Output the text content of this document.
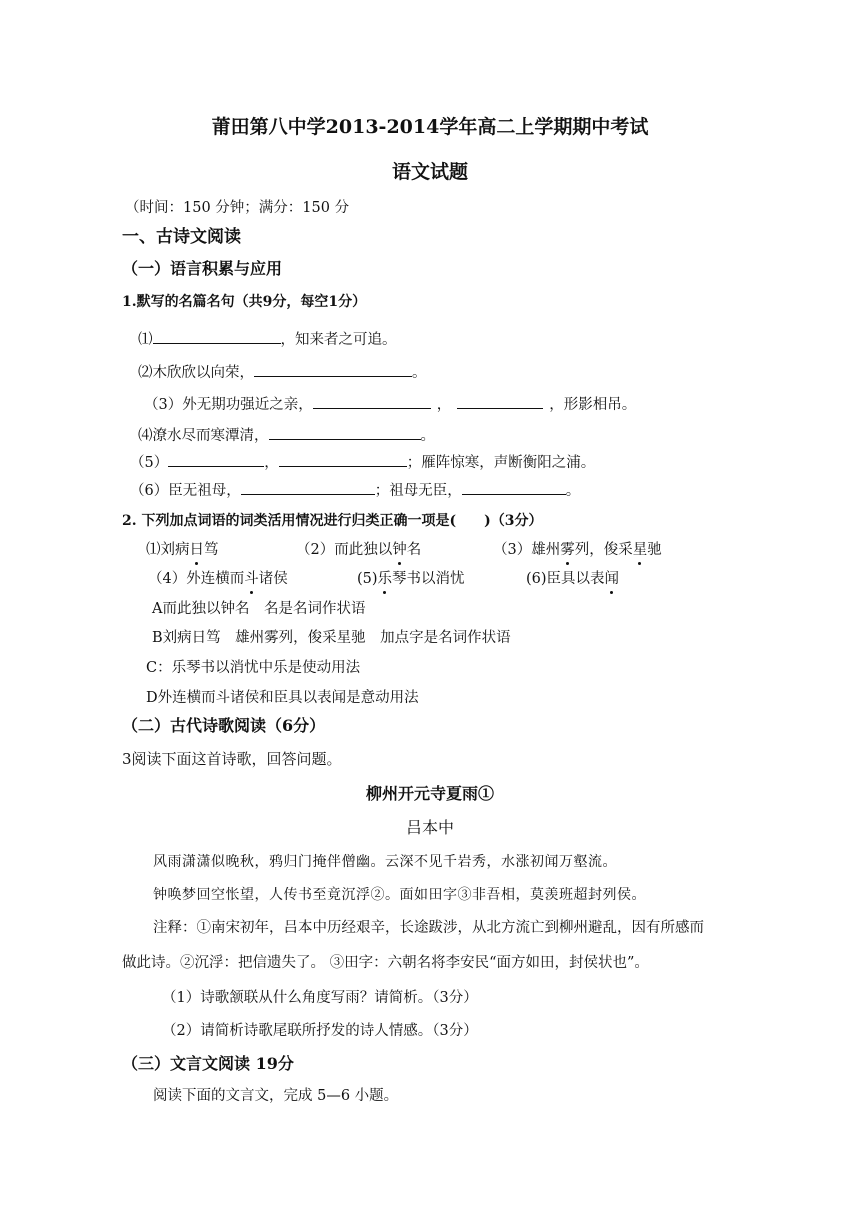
莆田第八中学2013-2014学年高二上学期期中考试
语文试题
（时间：150 分钟；满分：150 分
一、古诗文阅读
（一）语言积累与应用
1.默写的名篇名句（共9分，每空1分）
⑴	，知来者之可追。
⑵木欣欣以向荣，	。
（3）外无期功强近之亲，	，	，形影相吊。
⑷潦水尽而寒潭清，	。
（5）	，	；雁阵惊寒，声断衡阳之浦。
（6）臣无祖母，	；祖母无臣，	。
2. 下列加点词语的词类活用情况进行归类正确一项是(　　)（3分）
⑴刘病日笃	（2）而此独以钟名	（3）雄州雾列，俊采星驰
（4）外连横而斗诸侯	(5)乐琴书以消忧	(6)臣具以表闻
A而此独以钟名　名是名词作状语
B刘病日笃　雄州雾列，俊采星驰　加点字是名词作状语
C：乐琴书以消忧中乐是使动用法
D外连横而斗诸侯和臣具以表闻是意动用法
（二）古代诗歌阅读（6分）
3阅读下面这首诗歌，回答问题。
柳州开元寺夏雨①
吕本中
风雨潇潇似晚秋，鸦归门掩伴僧幽。云深不见千岩秀，水涨初闻万壑流。
钟唤梦回空怅望，人传书至竟沉浮②。面如田字③非吾相，莫羡班超封列侯。
注释：①南宋初年，吕本中历经艰辛，长途跋涉，从北方流亡到柳州避乱，因有所感而
做此诗。②沉浮：把信遗失了。 ③田字：六朝名将李安民“面方如田，封侯状也”。
（1）诗歌颔联从什么角度写雨？请简析。（3分）
（2）请简析诗歌尾联所抒发的诗人情感。（3分）
（三）文言文阅读 19分
阅读下面的文言文，完成 5—6 小题。
